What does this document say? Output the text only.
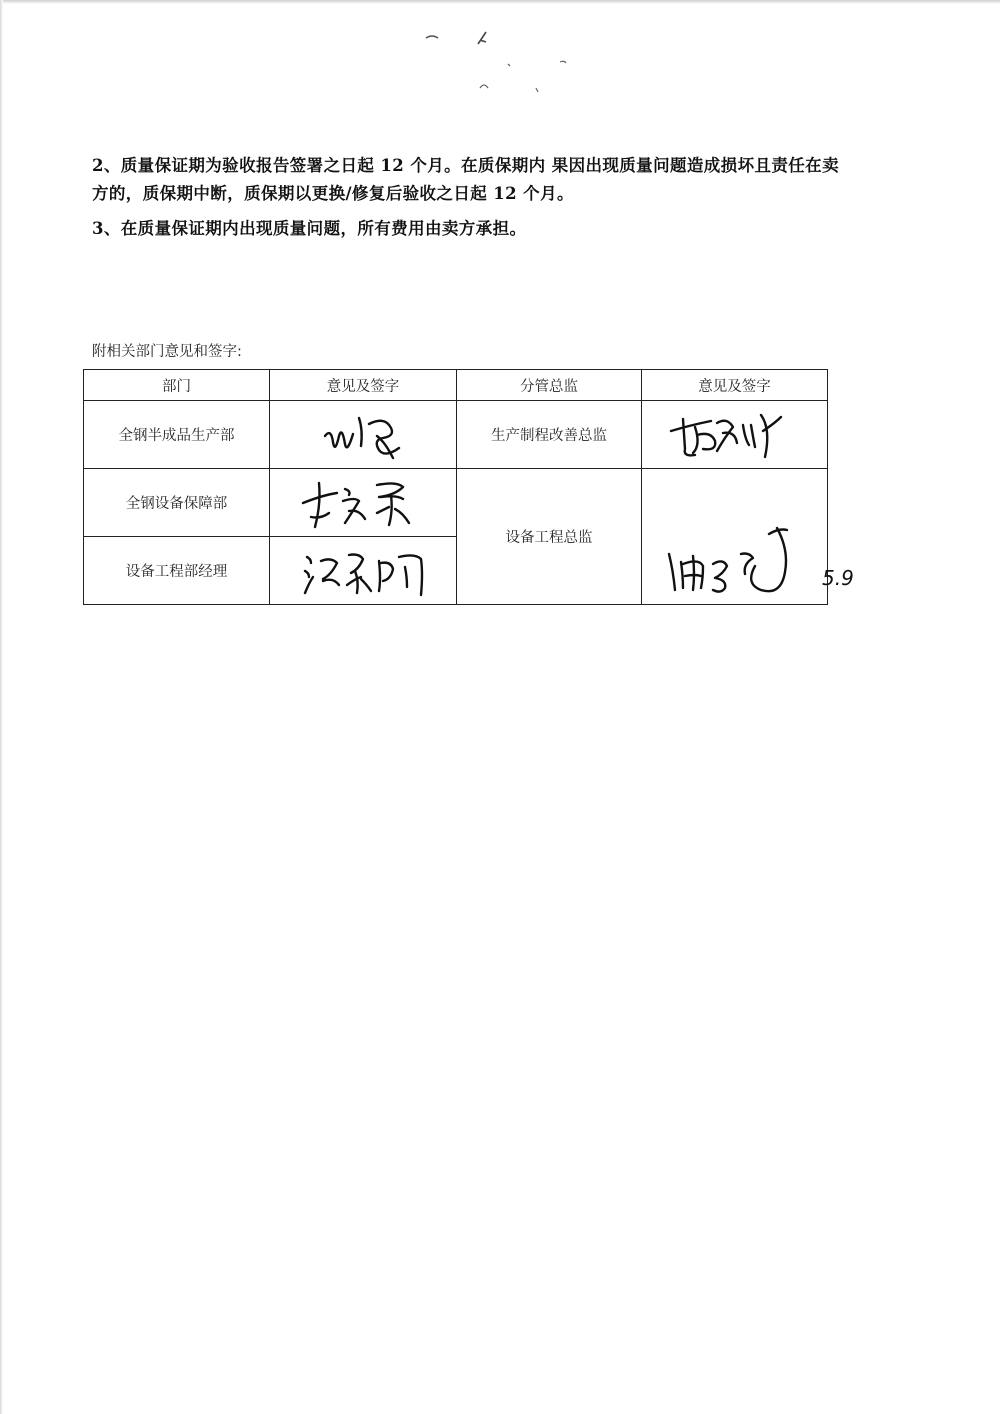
2、质量保证期为验收报告签署之日起 12 个月。在质保期内 果因出现质量问题造成损坏且责任在卖
方的，质保期中断，质保期以更换/修复后验收之日起 12 个月。
3、在质量保证期内出现质量问题，所有费用由卖方承担。
附相关部门意见和签字:
部门	意见及签字	分管总监	意见及签字
全钢半成品生产部		生产制程改善总监	

全钢设备保障部		设备工程总监	

设备工程部经理		5.9
